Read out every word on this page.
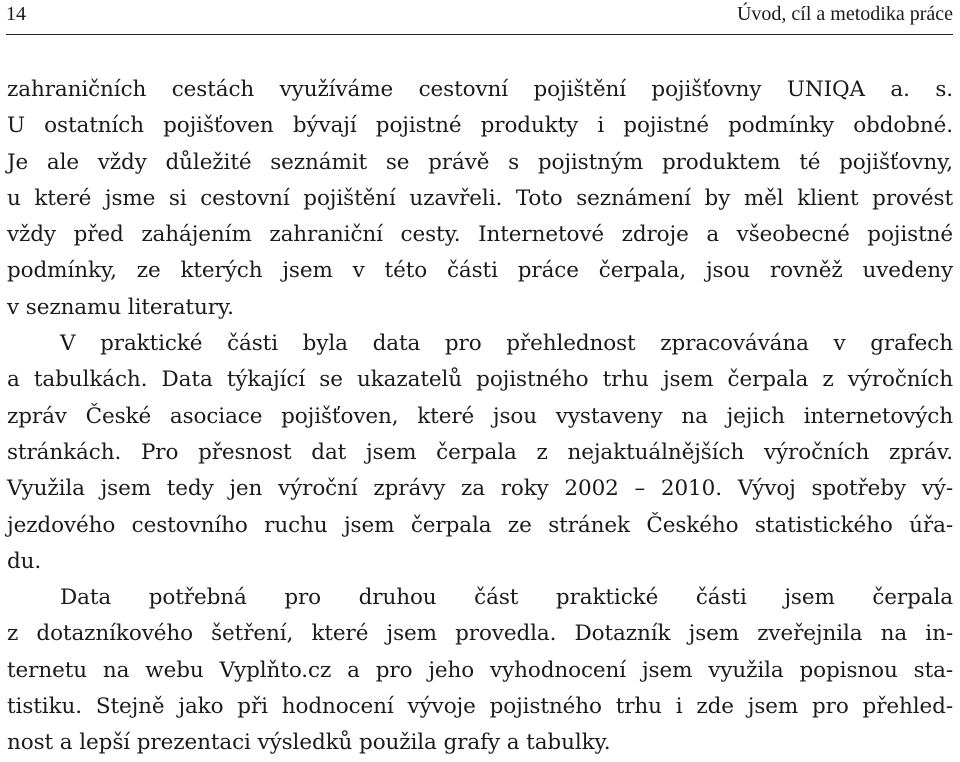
14	Úvod, cíl a metodika práce
zahraničních cestách využíváme cestovní pojištění pojišťovny UNIQA a. s.
U ostatních pojišťoven bývají pojistné produkty i pojistné podmínky obdobné.
Je ale vždy důležité seznámit se právě s pojistným produktem té pojišťovny,
u které jsme si cestovní pojištění uzavřeli. Toto seznámení by měl klient provést
vždy před zahájením zahraniční cesty. Internetové zdroje a všeobecné pojistné
podmínky, ze kterých jsem v této části práce čerpala, jsou rovněž uvedeny
v seznamu literatury.
V praktické části byla data pro přehlednost zpracovávána v grafech
a tabulkách. Data týkající se ukazatelů pojistného trhu jsem čerpala z výročních
zpráv České asociace pojišťoven, které jsou vystaveny na jejich internetových
stránkách. Pro přesnost dat jsem čerpala z nejaktuálnějších výročních zpráv.
Využila jsem tedy jen výroční zprávy za roky 2002 – 2010. Vývoj spotřeby vý-
jezdového cestovního ruchu jsem čerpala ze stránek Českého statistického úřa-
du.
Data potřebná pro druhou část praktické části jsem čerpala
z dotazníkového šetření, které jsem provedla. Dotazník jsem zveřejnila na in-
ternetu na webu Vyplňto.cz a pro jeho vyhodnocení jsem využila popisnou sta-
tistiku. Stejně jako při hodnocení vývoje pojistného trhu i zde jsem pro přehled-
nost a lepší prezentaci výsledků použila grafy a tabulky.
